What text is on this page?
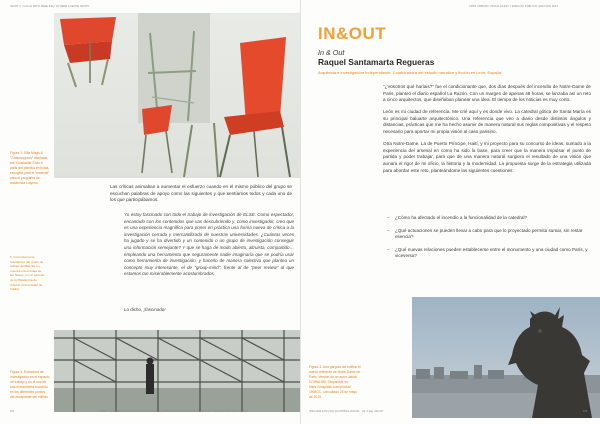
INOUT 3 | CALLE PATO FREE ESQ. ETHENE FUENTE SANTO
Figura 1. Silla Magis & "Grasshoppers" diseñada por Konstantin Grcic a partir del plástico en bolsa, escogida para el "material" para el programa de residencia Lutyens.
Las críticas animaban a aumentar el esfuerzo cuando en el mismo público del grupo se escuchan palabras de apoyo como las siguientes y que sentíamos todos y cada uno de los que participábamos.
Yo estoy fascinado con todo el trabajo de investigación de ELSE. Como espectador, encantado con los contenidos que vas descubriendo y, como investigador, creo que es una experiencia magnífica para poner en práctica una forma nueva de crítica a la investigación cerrada y mercantilizada de nuestras universidades. ¿Cuántas veces ha jugado y se ha divertido y un contenido o un grupo de investigación conseguir una información semejante? Y que se haga de modo abierto, altruista, compartido… empleando una herramienta que seguramente nadie imaginaría que se podría usar como herramienta de investigación, y hacerlo de manera colectiva que plantea un concepto muy interesante, el de "group-mind", frente al de "peer review" al que estamos tan miserablemente acostumbrados.
Lo dicho, ¡fascinado!
5. Concretamente resultantes del grupo de trabajo del BELSE en nuestra universidad de las Naves, en un periodo de la Plataforma de UdeCA (Universidad de Cádiz).
Figura 3. Estructura de investigación en el espacio de trabajo y en el uso de una herramienta recorrido en los diferentes puntos del escaparate del edificio.
154	IN OUT 3 | INTERVENCIÓN IN ESPACIOS PÚBLICOS, ARTE CIUDADANO E INSTALACIÓN 2014 / ISSN 2340-4279 | PÁG 150-157
ARTE URBANO, INSTALACIÓN Y ESPACIO PÚBLICO | EDICIÓN 2014
IN&OUT
In & Out
Raquel Santamarta Regueras
Arquitecta e investigadora independiente. Colaboradora del estudio narrativa y ficción en León, España.

"¿Vosotros qué haríais?" fue el condicionante que, dos días después del incendio de Notre-Dame de Paris, planteó el diario español La Razón. Con un margen de apenas 48 horas, se lanzaba así un reto a cinco arquitectos, que diseñaban planear una idea. El tiempo de los noticias es muy corto.

León es mi ciudad de referencia. Me crié aquí y es donde vivo. La catedral gótica de Santa María es su principal baluarte arquitectónico. Una referencia que veo a diario desde distintos ángulos y distancias, prácticas que me ha hecho asumir de manera natural sus reglas compositivas y el respeto necesario para aportar mi propia visión al caso parisino.

Otra Notre-Dame. La de Puerto Príncipe, Haití, y mi proyecto para su concurso de ideas, sumado a la experiencia del arsenal en como ha sido la base, para creer que la manera impulsar el punto de partida y poder trabajar, para que de una manera natural surgiera el resultado de una visión que aunara el rigor de mi oficio, la historia y la modernidad. La propuesta surge de la estrategia utilizada para abordar este reto, planteándome las siguientes cuestiones:

– ¿Cómo ha afectado el incendio a la funcionalidad de la catedral?
– ¿Qué actuaciones se pueden llevar a cabo para que lo proyectado permita sumar, sin restar esencia?
– ¿Qué nuevas relaciones pueden establecerse entre el monumento y una ciudad como París, y viceversa?
Figura 3. Una gárgola del edificio el nuevo referente de Notre-Dame de Paris. Versión de un autor Jakob-COWALSKI. Disponible en: https://unsplash.com/photos/ 1998CC, consultado 25 de mayo de 2019.
ISSN 2340-4279 | DOI 10.12795/rim.2014.i01 · Vol. 3 pág. 150-157	155
